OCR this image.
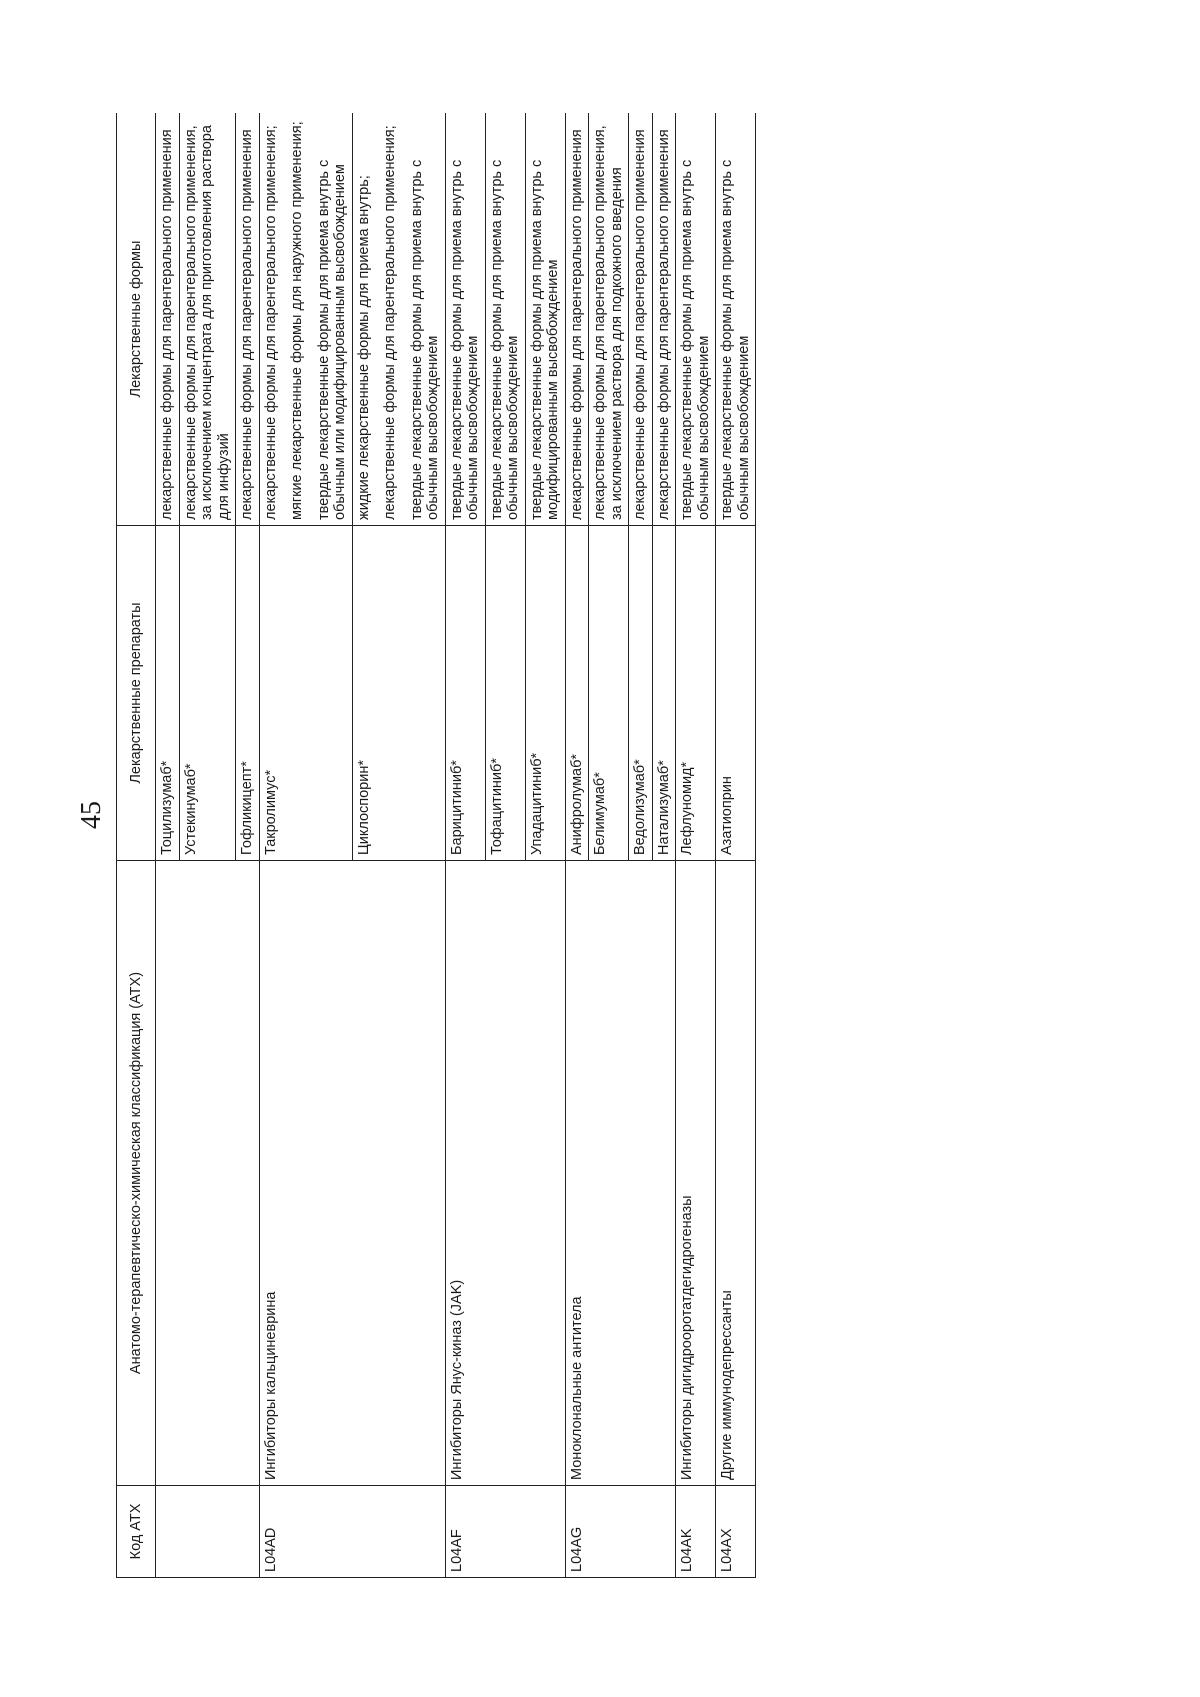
45
Код АТХ	Анатомо-терапевтическо-химическая классификация (АТХ)	Лекарственные препараты	Лекарственные формы
		Тоцилизумаб*	лекарственные формы для парентерального применения

		Устекинумаб*	лекарственные формы для парентерального применения, за исключением концентрата для приготовления раствора для инфузий

		Гофликицепт*	лекарственные формы для парентерального применения

L04AD	Ингибиторы кальциневрина	Такролимус*	лекарственные формы для парентерального применения; мягкие лекарственные формы для наружного применения; твердые лекарственные формы для приема внутрь с обычным или модифицированным высвобождением

		Циклоспорин*	жидкие лекарственные формы для приема внутрь; лекарственные формы для парентерального применения; твердые лекарственные формы для приема внутрь с обычным высвобождением

L04AF	Ингибиторы Янус-киназ (JAK)	Барицитиниб*	твердые лекарственные формы для приема внутрь с обычным высвобождением

		Тофацитиниб*	твердые лекарственные формы для приема внутрь с обычным высвобождением

		Упадацитиниб*	твердые лекарственные формы для приема внутрь с модифицированным высвобождением

L04AG	Моноклональные антитела	Анифролумаб*	лекарственные формы для парентерального применения

		Белимумаб*	лекарственные формы для парентерального применения, за исключением раствора для подкожного введения

		Ведолизумаб*	лекарственные формы для парентерального применения

		Натализумаб*	лекарственные формы для парентерального применения

L04AK	Ингибиторы дигидрооротатдегидрогеназы	Лефлуномид*	твердые лекарственные формы для приема внутрь с обычным высвобождением

L04AX	Другие иммунодепрессанты	Азатиоприн	твердые лекарственные формы для приема внутрь с обычным высвобождением
